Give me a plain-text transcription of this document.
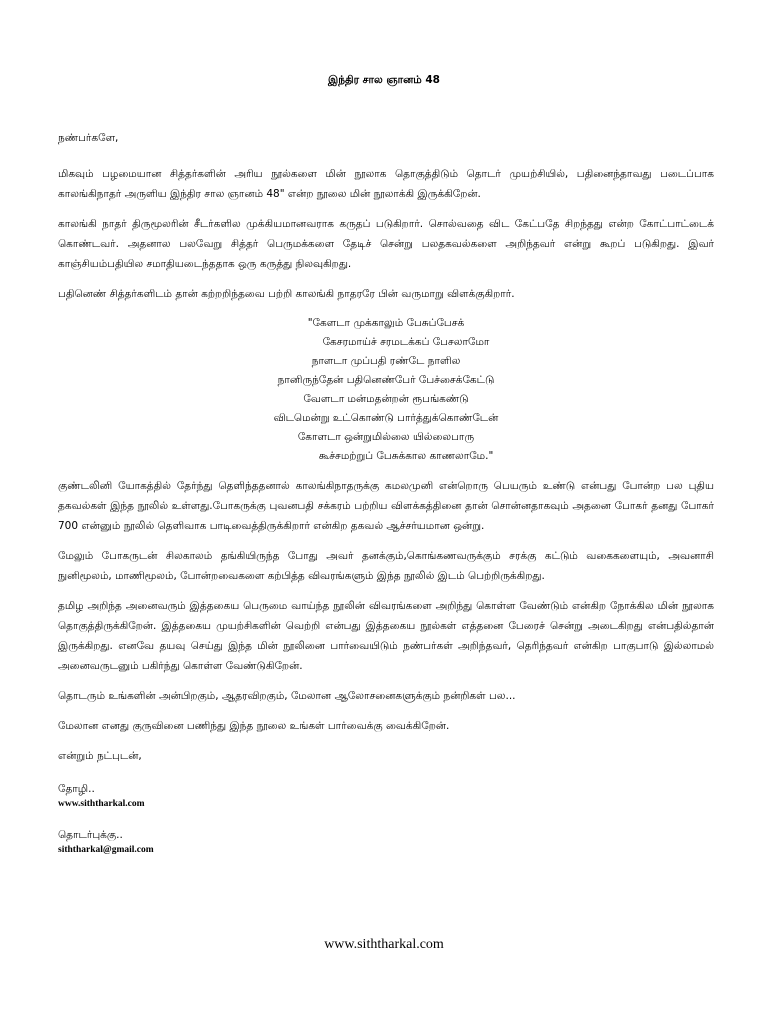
இந்திர சால ஞானம் 48

நண்பர்களே,

மிகவும் பழமையான சித்தர்களின் அரிய நூல்களை மின் நூலாக தொகுத்திடும் தொடர் முயற்சியில், பதினைந்தாவது படைப்பாக காலங்கிநாதர் அருளிய இந்திர சால ஞானம் 48" என்ற நூலை மின் நூலாக்கி இருக்கிறேன்.

காலங்கி நாதர் திருமூலரின் சீடர்களில முக்கியமானவராக கருதப் படுகிறார். சொல்வதை விட கேட்பதே சிறந்தது என்ற கோட்பாட்டைக் கொண்டவர். அதனால பலவேறு சித்தர் பெருமக்களை தேடிச் சென்று பலதகவல்களை அறிந்தவர் என்று கூறப் படுகிறது. இவர் காஞ்சியம்பதியில சமாதியடைந்ததாக ஒரு கருத்து நிலவுகிறது.

பதினெண் சித்தர்களிடம் தான் கற்றறிந்தவை பற்றி காலங்கி நாதரரே பின் வருமாறு விளக்குகிறார்.

"கேளடா முக்காலும் பேசுப்பேசக்
கேசரமாய்ச் சரமடக்கப் பேசலாமோ
நாளடா முப்பதி ரண்டே நாளில
நானிருந்தேன் பதினெண்பேர் பேச்சைக்கேட்டு
வேளடா மன்மதன்றன் ரூபங்கண்டு
விடமென்று உட்கொண்டு பார்த்துக்கொண்டேன்
கோளடா ஒன்றுமில்லை யில்லைபாரு
கூச்சமற்றுப் பேசுக்கால காணலாமே."

குண்டலினி யோகத்தில் தேர்ந்து தெளிந்ததனால் காலங்கிநாதருக்கு கமலமுனி என்றொரு பெயரும் உண்டு என்பது போன்ற பல புதிய தகவல்கள் இந்த நூலில் உள்ளது.போகருக்கு புவனபதி சக்கரம் பற்றிய விளக்கத்தினை தான் சொன்னதாகவும் அதனை போகர் தனது போகர் 700 என்னும் நூலில் தெளிவாக பாடிவைத்திருக்கிறார் என்கிற தகவல் ஆச்சர்யமான ஒன்று.

மேலும் போகருடன் சிலகாலம் தங்கியிருந்த போது அவர் தனக்கும்,கொங்கணவருக்கும் சரக்கு கட்டும் வகைகளையும், அவனாசி நுனிமூலம், மாணிமூலம், போன்றவைகளை கற்பித்த விவரங்களும் இந்த நூலில் இடம் பெற்றிருக்கிறது.

தமிழ அறிந்த அனைவரும் இத்தகைய பெருமை வாய்ந்த நூலின் விவரங்களை அறிந்து கொள்ள வேண்டும் என்கிற நோக்கில மின் நூலாக தொகுத்திருக்கிறேன். இத்தகைய முயற்சிகளின் வெற்றி என்பது இத்தகைய நூல்கள் எத்தனை பேரைச் சென்று அடைகிறது என்பதில்தான் இருக்கிறது. எனவே தயவு செய்து இந்த மின் நூலினை பார்வையிடும் நண்பர்கள் அறிந்தவர், தெரிந்தவர் என்கிற பாகுபாடு இல்லாமல் அனைவருடனும் பகிர்ந்து கொள்ள வேண்டுகிறேன்.

தொடரும் உங்களின் அன்பிறகும், ஆதரவிறகும், மேலான ஆலோசனைகளுக்கும் நன்றிகள் பல...

மேலான எனது குருவினை பணிந்து இந்த நூலை உங்கள் பார்வைக்கு வைக்கிறேன்.

என்றும் நட்புடன்,
தோழி..
www.siththarkal.com
தொடர்புக்கு..
siththarkal@gmail.com
www.siththarkal.com
